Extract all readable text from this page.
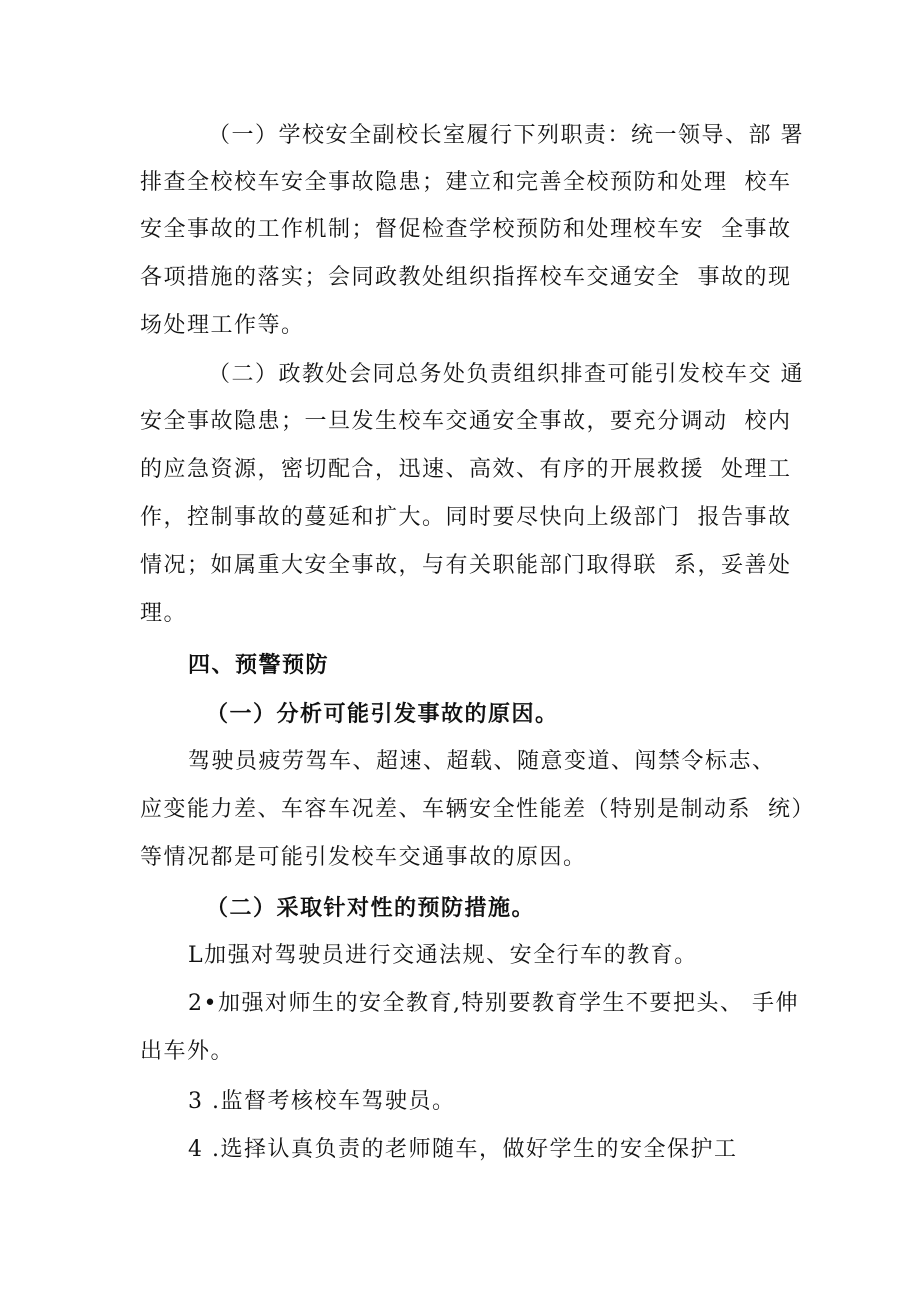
（一）学校安全副校长室履行下列职责：统一领导、部 署
排查全校校车安全事故隐患；建立和完善全校预防和处理  校车
安全事故的工作机制；督促检查学校预防和处理校车安  全事故
各项措施的落实；会同政教处组织指挥校车交通安全  事故的现
场处理工作等。
（二）政教处会同总务处负责组织排查可能引发校车交 通
安全事故隐患；一旦发生校车交通安全事故，要充分调动  校内
的应急资源，密切配合，迅速、高效、有序的开展救援  处理工
作，控制事故的蔓延和扩大。同时要尽快向上级部门  报告事故
情况；如属重大安全事故，与有关职能部门取得联  系，妥善处
理。
四、预警预防
（一）分析可能引发事故的原因。
驾驶员疲劳驾车、超速、超载、随意变道、闯禁令标志、
应变能力差、车容车况差、车辆安全性能差（特别是制动系  统）
等情况都是可能引发校车交通事故的原因。
（二）采取针对性的预防措施。
L加强对驾驶员进行交通法规、安全行车的教育。
2•加强对师生的安全教育,特别要教育学生不要把头、 手伸
出车外。
3 .监督考核校车驾驶员。
4 .选择认真负责的老师随车，做好学生的安全保护工
